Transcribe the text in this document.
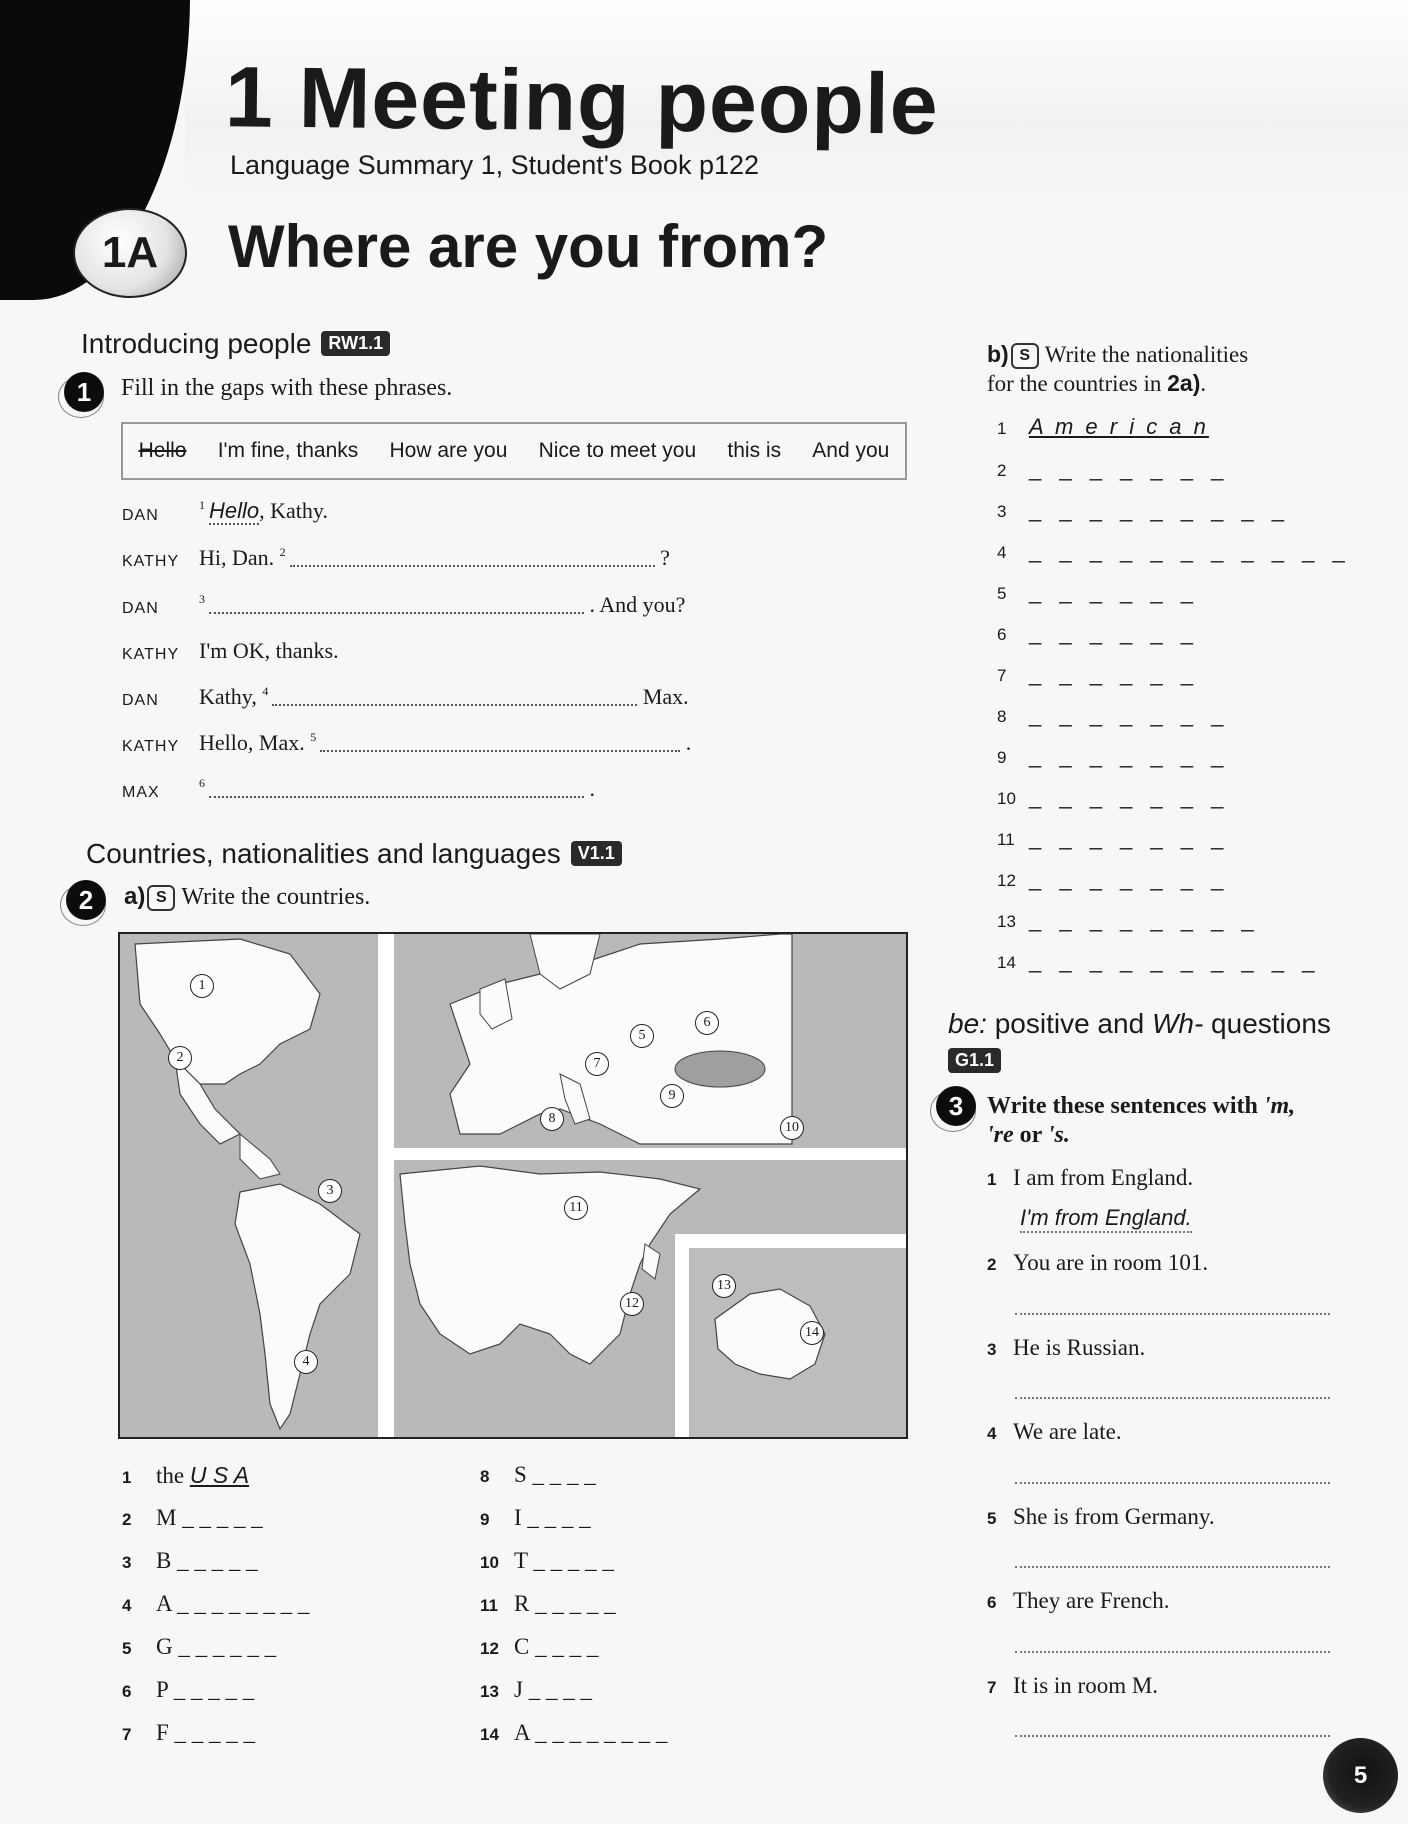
1 Meeting people
Language Summary 1, Student's Book p122
1A	Where are you from?
Introducing people RW1.1
1	Fill in the gaps with these phrases.
Hello I'm fine, thanks How are you Nice to meet you this is And you
DAN
$^1$ Hello, Kathy.
KATHY Hi, Dan. $^2$	?
DAN
$^3$	. And you?
KATHY I'm OK, thanks.
DAN Kathy, $^4$	Max.
KATHY Hello, Max. $^5$	.
MAX
$^6$	.
Countries, nationalities and languages V1.1
2	a) S Write the countries.
1
2
3
4
5
6
7
8
9
10
11
12
13
14
1 the U S A
2 M _ _ _ _ _
3 B _ _ _ _ _
4 A _ _ _ _ _ _ _ _
5 G _ _ _ _ _ _
6 P _ _ _ _ _
7 F _ _ _ _ _
8 S _ _ _ _
9 I _ _ _ _
10 T _ _ _ _ _
11 R _ _ _ _ _
12 C _ _ _ _
13 J _ _ _ _
14 A _ _ _ _ _ _ _ _
b) S Write the nationalities
for the countries in 2a).
1 A m e r i c a n
2 _ _ _ _ _ _ _
3 _ _ _ _ _ _ _ _ _
4 _ _ _ _ _ _ _ _ _ _ _
5 _ _ _ _ _ _
6 _ _ _ _ _ _
7 _ _ _ _ _ _
8 _ _ _ _ _ _ _
9 _ _ _ _ _ _ _
10 _ _ _ _ _ _ _
11 _ _ _ _ _ _ _
12 _ _ _ _ _ _ _
13 _ _ _ _ _ _ _ _
14 _ _ _ _ _ _ _ _ _ _
be: positive and Wh- questions
G1.1
3 Write these sentences with 'm,
're or 's.
1 I am from England.
I'm from England.
2 You are in room 101.
3 He is Russian.
4 We are late.
5 She is from Germany.
6 They are French.
7 It is in room M.
5
